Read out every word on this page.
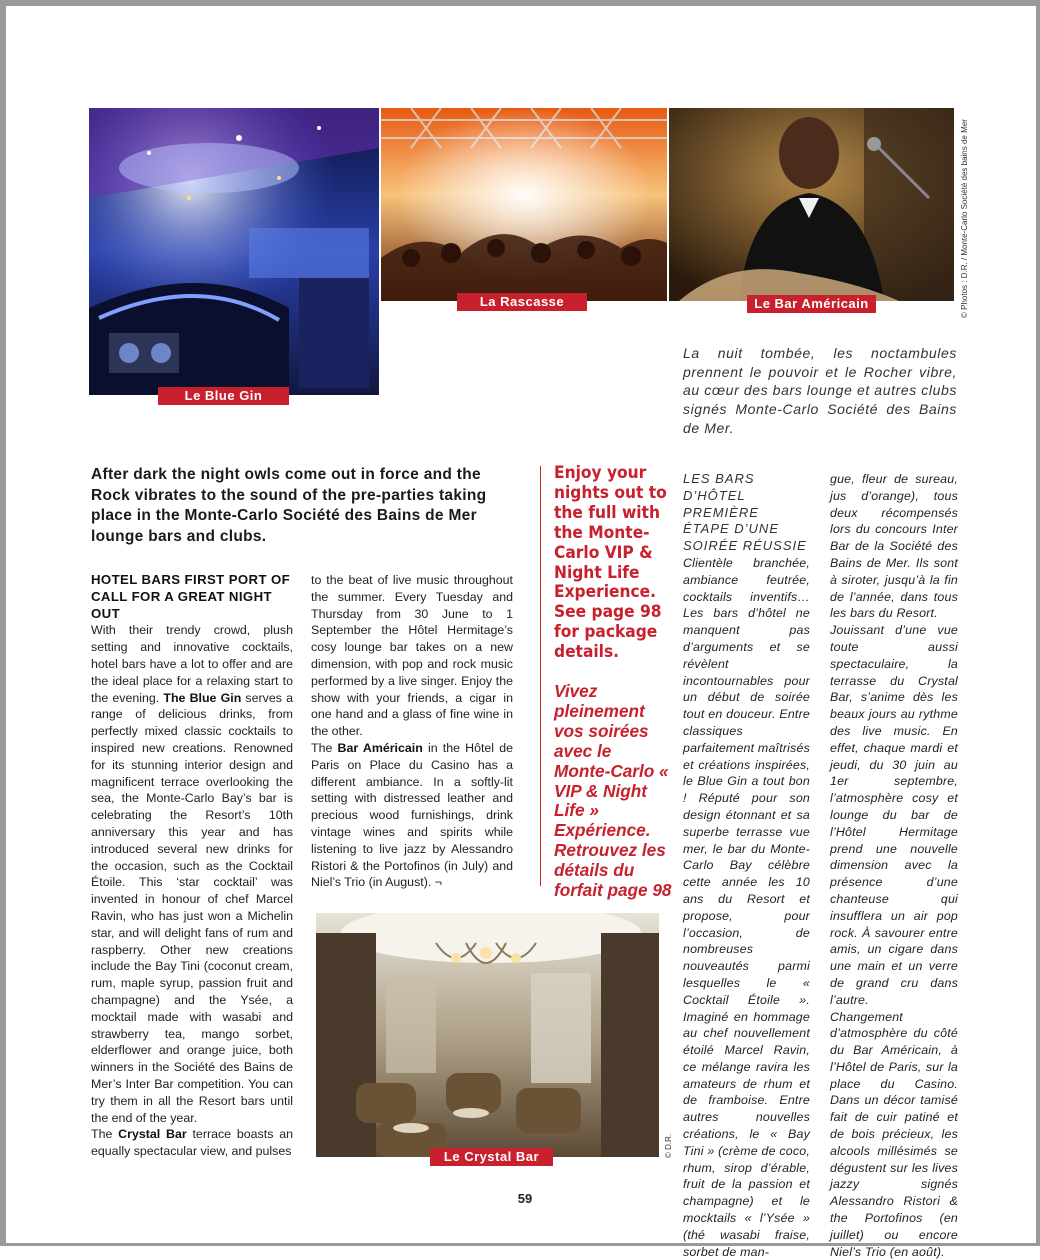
Le Blue Gin
La Rascasse	Le Bar Américain	© Photos : D.R. / Monte-Carlo Société des bains de Mer
La nuit tombée, les noctambules prennent le pouvoir et le Rocher vibre, au cœur des bars lounge et autres clubs signés Monte-Carlo Société des Bains de Mer.
After dark the night owls come out in force and the Rock vibrates to the sound of the pre-parties taking place in the Monte-Carlo Société des Bains de Mer lounge bars and clubs.

HOTEL BARS FIRST PORT OF CALL FOR A GREAT NIGHT OUT

With their trendy crowd, plush setting and innovative cocktails, hotel bars have a lot to offer and are the ideal place for a relaxing start to the evening. The Blue Gin serves a range of delicious drinks, from perfectly mixed classic cocktails to inspired new creations. Renowned for its stunning interior design and magnificent terrace overlooking the sea, the Monte-Carlo Bay’s bar is celebrating the Resort’s 10th anniversary this year and has introduced several new drinks for the occasion, such as the Cocktail Étoile. This ‘star cocktail’ was invented in honour of chef Marcel Ravin, who has just won a Michelin star, and will delight fans of rum and raspberry. Other new creations include the Bay Tini (coconut cream, rum, maple syrup, passion fruit and champagne) and the Ysée, a mocktail made with wasabi and strawberry tea, mango sorbet, elderflower and orange juice, both winners in the Société des Bains de Mer’s Inter Bar competition. You can try them in all the Resort bars until the end of the year.

The Crystal Bar terrace boasts an equally spectacular view, and pulses

to the beat of live music throughout the summer. Every Tuesday and Thursday from 30 June to 1 September the Hôtel Hermitage’s cosy lounge bar takes on a new dimension, with pop and rock music performed by a live singer. Enjoy the show with your friends, a cigar in one hand and a glass of fine wine in the other.

The Bar Américain in the Hôtel de Paris on Place du Casino has a different ambiance. In a softly-lit setting with distressed leather and precious wood furnishings, drink vintage wines and spirits while listening to live jazz by Alessandro Ristori & the Portofinos (in July) and Niel’s Trio (in August). ¬

Enjoy your nights out to the full with the Monte-Carlo VIP & Night Life Experience. See page 98 for package details.
Vivez pleinement vos soirées avec le Monte-Carlo « VIP & Night Life » Expérience. Retrouvez les détails du forfait page 98
Le Crystal Bar	© D.R.

LES BARS D’HÔTEL PREMIÈRE ÉTAPE D’UNE SOIRÉE RÉUSSIE

Clientèle branchée, ambiance feutrée, cocktails inventifs… Les bars d’hôtel ne manquent pas d’arguments et se révèlent incontournables pour un début de soirée tout en douceur. Entre classiques parfaitement maîtrisés et créations inspirées, le Blue Gin a tout bon ! Réputé pour son design étonnant et sa superbe terrasse vue mer, le bar du Monte-Carlo Bay célèbre cette année les 10 ans du Resort et propose, pour l’occasion, de nombreuses nouveautés parmi lesquelles le « Cocktail Étoile ». Imaginé en hommage au chef nouvellement étoilé Marcel Ravin, ce mélange ravira les amateurs de rhum et de framboise. Entre autres nouvelles créations, le « Bay Tini » (crème de coco, rhum, sirop d’érable, fruit de la passion et champagne) et le mocktails « l’Ysée » (thé wasabi fraise, sorbet de man-

gue, fleur de sureau, jus d’orange), tous deux récompensés lors du concours Inter Bar de la Société des Bains de Mer. Ils sont à siroter, jusqu’à la fin de l’année, dans tous les bars du Resort.

Jouissant d’une vue toute aussi spectaculaire, la terrasse du Crystal Bar, s’anime dès les beaux jours au rythme des live music. En effet, chaque mardi et jeudi, du 30 juin au 1er septembre, l’atmosphère cosy et lounge du bar de l’Hôtel Hermitage prend une nouvelle dimension avec la présence d’une chanteuse qui insufflera un air pop rock. À savourer entre amis, un cigare dans une main et un verre de grand cru dans l’autre.

Changement d’atmosphère du côté du Bar Américain, à l’Hôtel de Paris, sur la place du Casino. Dans un décor tamisé fait de cuir patiné et de bois précieux, les alcools millésimés se dégustent sur les lives jazzy signés Alessandro Ristori & the Portofinos (en juillet) ou encore Niel’s Trio (en août).

59
